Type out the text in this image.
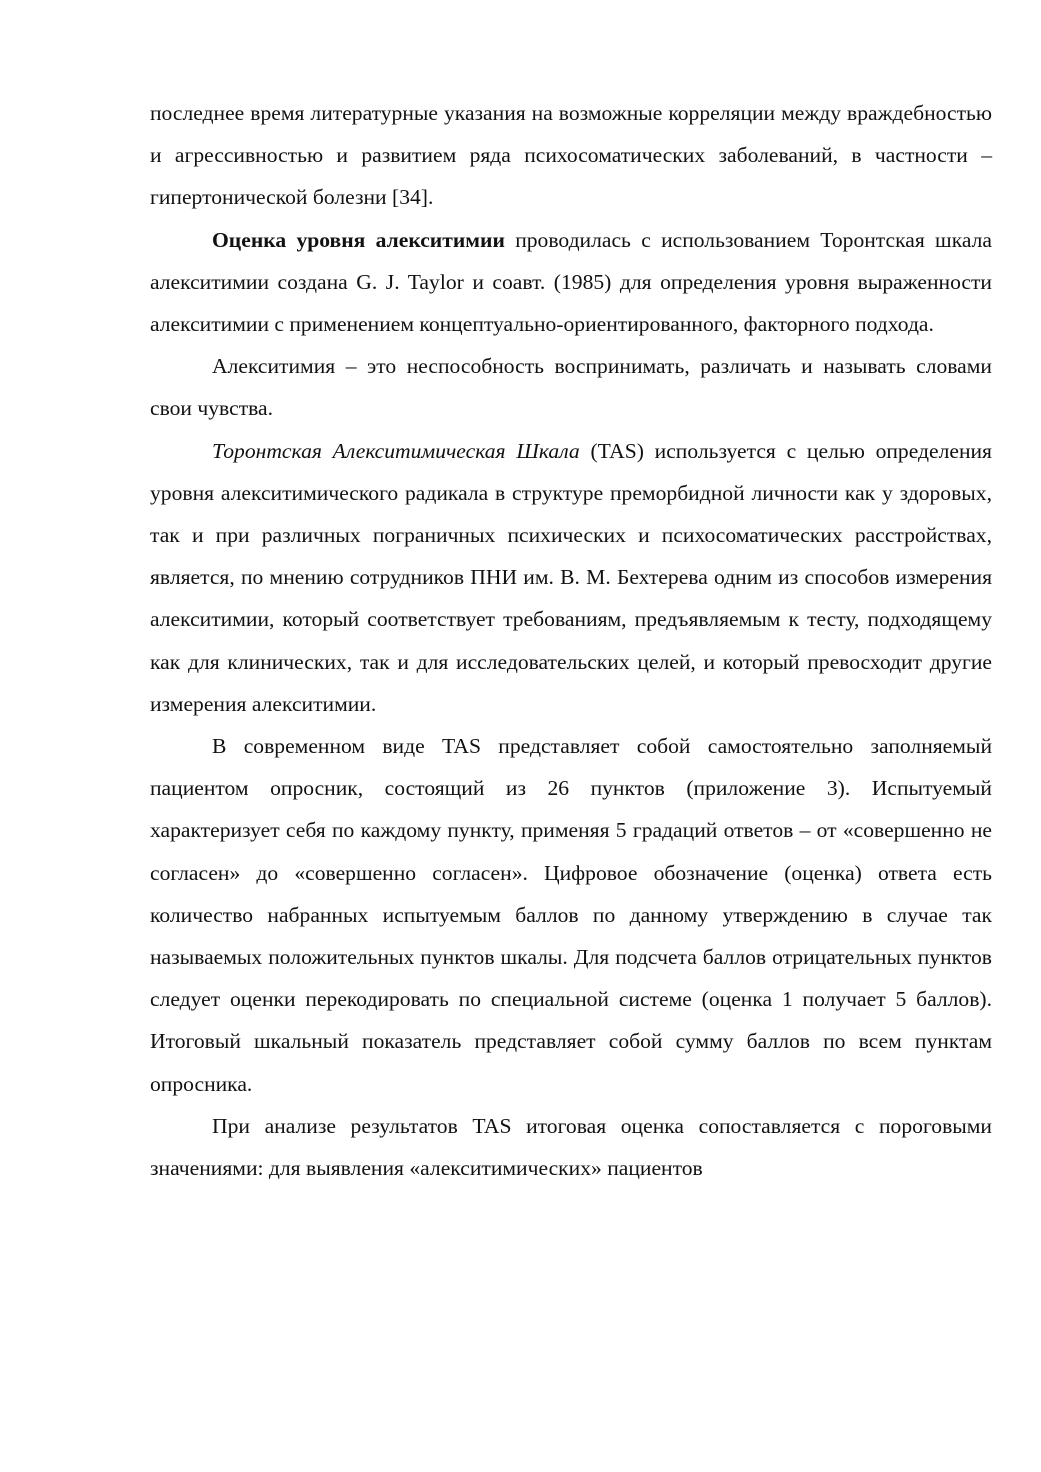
последнее время литературные указания на возможные корреляции между враждебностью и агрессивностью и развитием ряда психосоматических заболеваний, в частности – гипертонической болезни [34].

Оценка уровня алекситимии проводилась с использованием Торонтская шкала алекситимии создана G. J. Taylor и соавт. (1985) для определения уровня выраженности алекситимии с применением концептуально-ориентированного, факторного подхода.

Алекситимия – это неспособность воспринимать, различать и называть словами свои чувства.

Торонтская Алекситимическая Шкала (TAS) используется с целью определения уровня алекситимического радикала в структуре преморбидной личности как у здоровых, так и при различных пограничных психических и психосоматических расстройствах, является, по мнению сотрудников ПНИ им. В. М. Бехтерева одним из способов измерения алекситимии, который соответствует требованиям, предъявляемым к тесту, подходящему как для клинических, так и для исследовательских целей, и который превосходит другие измерения алекситимии.

В современном виде TAS представляет собой самостоятельно заполняемый пациентом опросник, состоящий из 26 пунктов (приложение 3). Испытуемый характеризует себя по каждому пункту, применяя 5 градаций ответов – от «совершенно не согласен» до «совершенно согласен». Цифровое обозначение (оценка) ответа есть количество набранных испытуемым баллов по данному утверждению в случае так называемых положительных пунктов шкалы. Для подсчета баллов отрицательных пунктов следует оценки перекодировать по специальной системе (оценка 1 получает 5 баллов). Итоговый шкальный показатель представляет собой сумму баллов по всем пунктам опросника.

При анализе результатов TAS итоговая оценка сопоставляется с пороговыми значениями: для выявления «алекситимических» пациентов
